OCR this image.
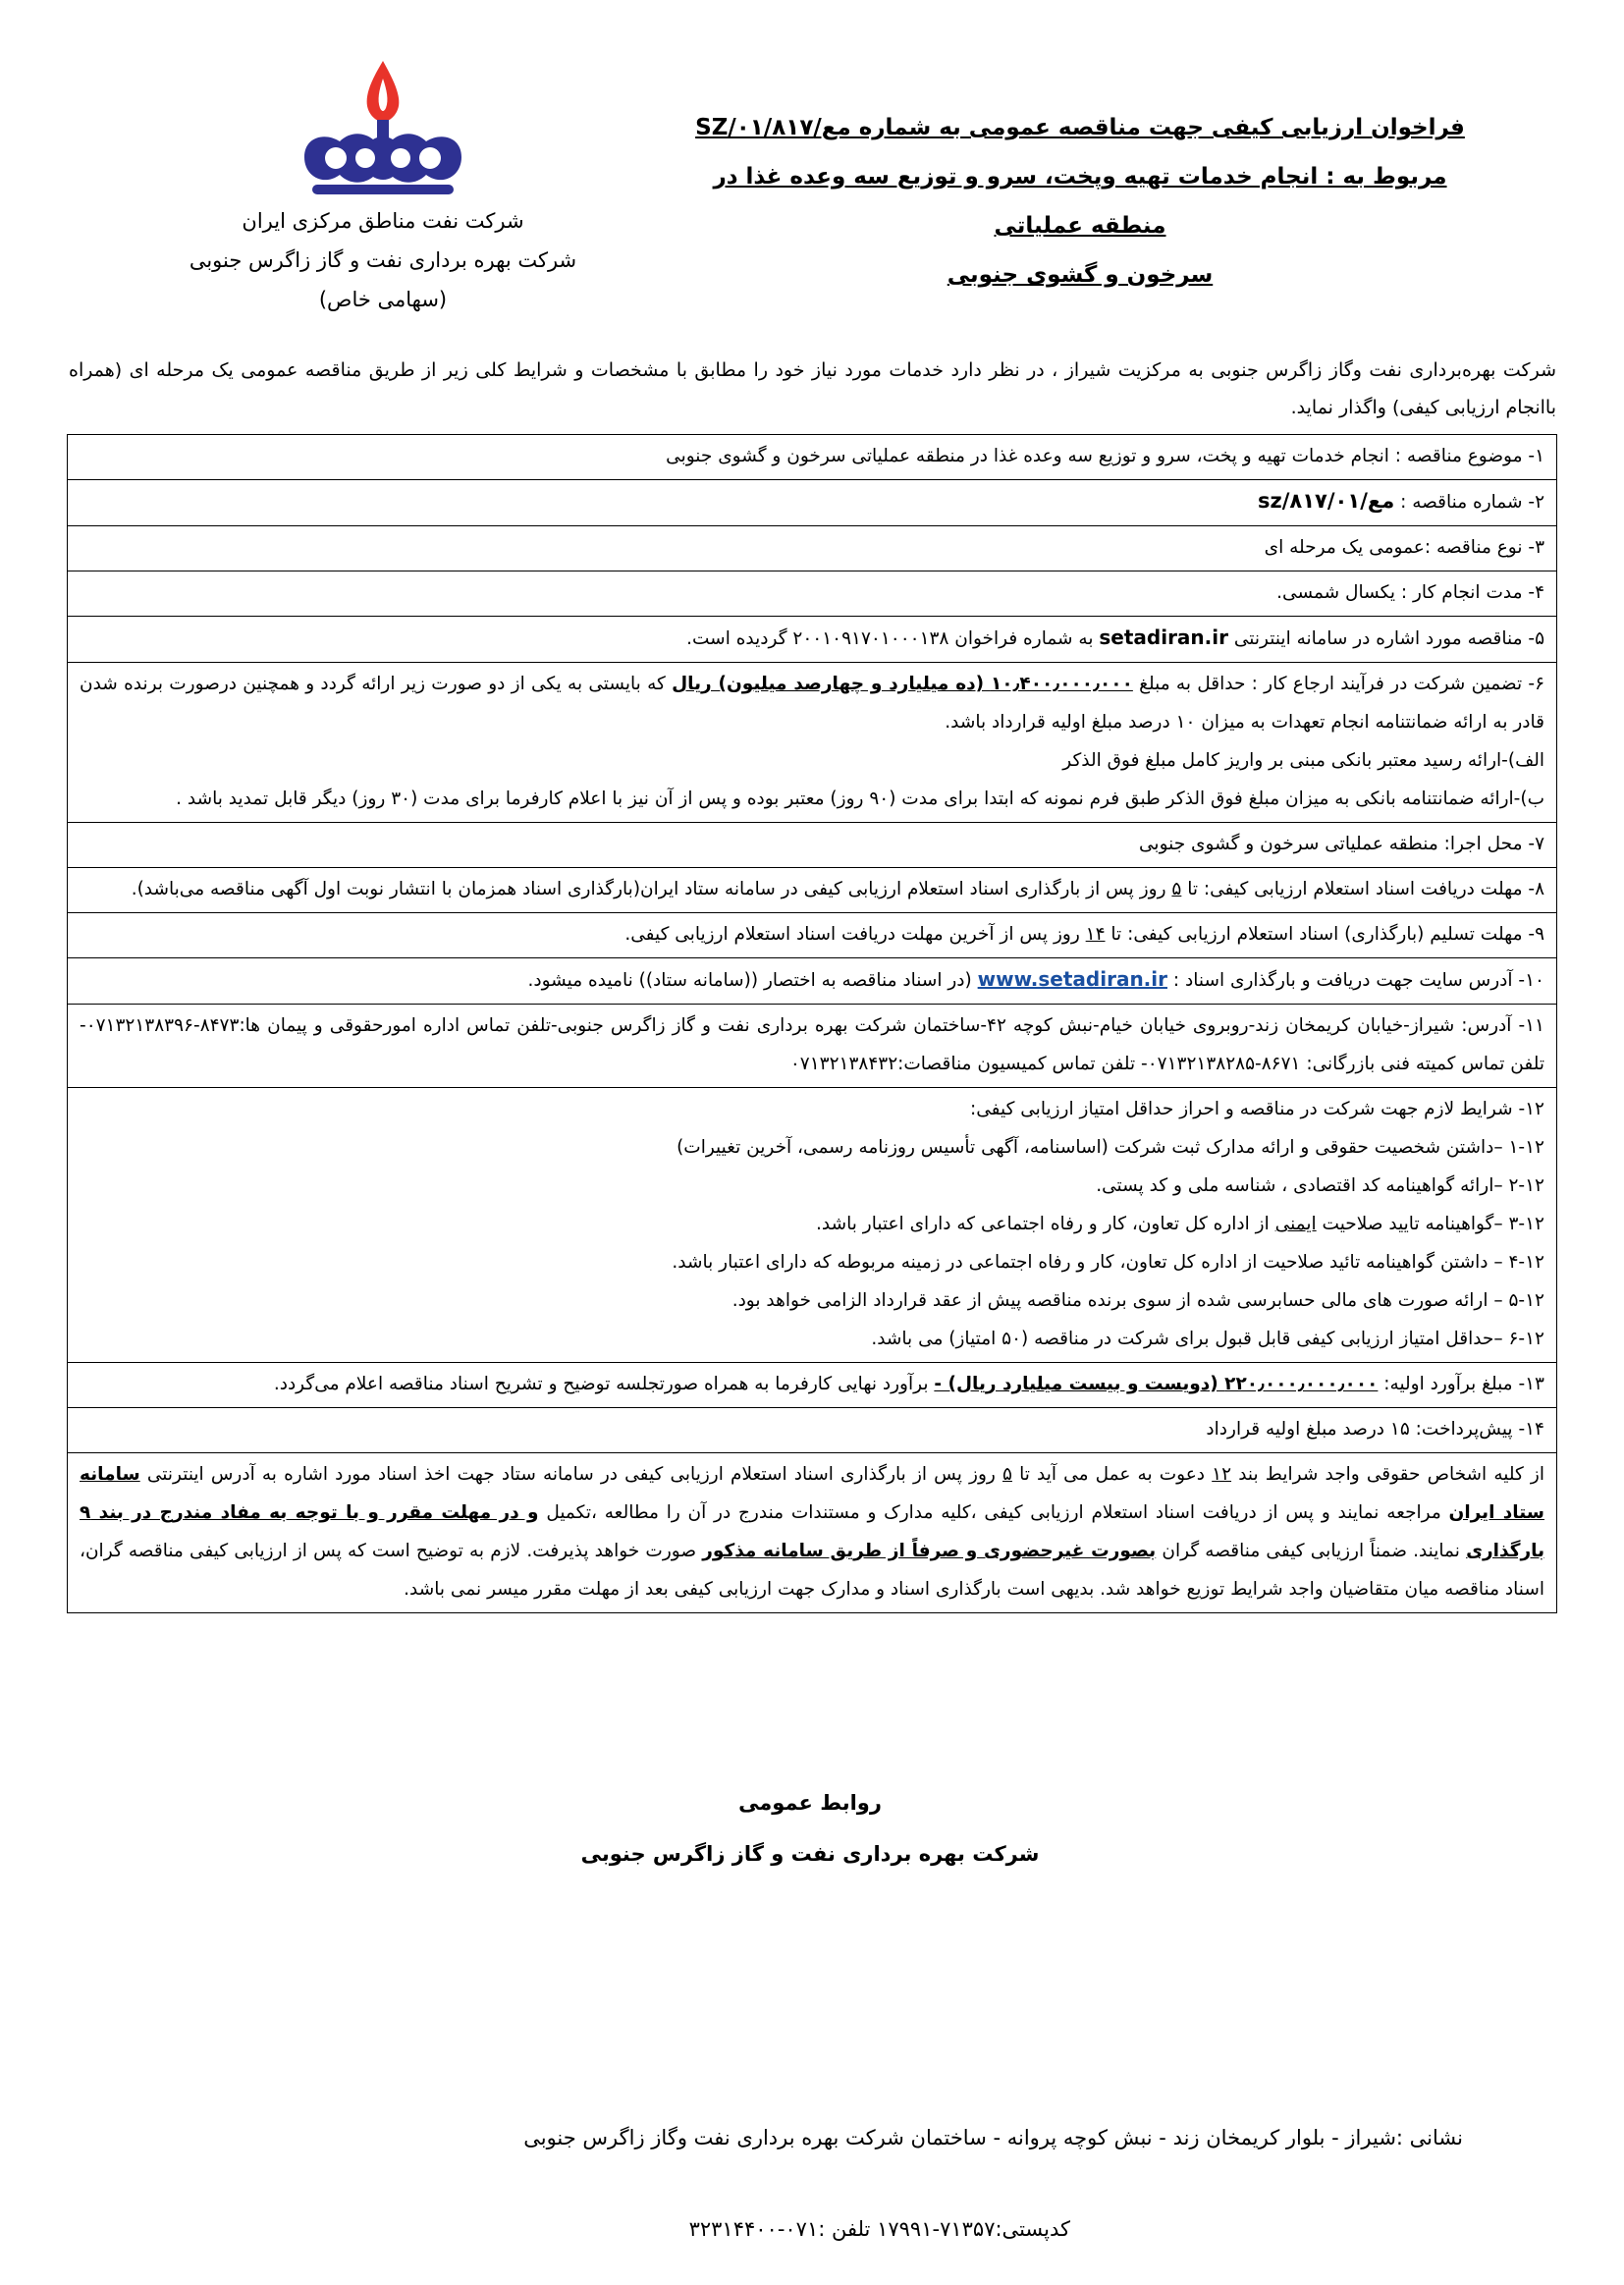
شرکت نفت مناطق مرکزی ایران
شرکت بهره برداری نفت و گاز زاگرس جنوبی
(سهامی خاص)
فراخوان ارزیابی کیفی جهت مناقصه عمومی به شماره مع/SZ/۰۱/۸۱۷
مربوط به : انجام خدمات تهیه وپخت، سرو و توزیع سه وعده غذا در منطقه عملیاتی
سرخون و گشوی جنوبی
شرکت بهره‌برداری نفت وگاز زاگرس جنوبی به مرکزیت شیراز ، در نظر دارد خدمات مورد نیاز خود را مطابق با مشخصات و شرایط کلی زیر از طریق مناقصه عمومی یک مرحله ای (همراه باانجام ارزیابی کیفی) واگذار نماید.
۱- موضوع مناقصه : انجام خدمات تهیه و پخت، سرو و توزیع سه وعده غذا در منطقه عملیاتی سرخون و گشوی جنوبی
۲- شماره مناقصه : مع/۸۱۷/۰۱/sz
۳- نوع مناقصه :عمومی یک مرحله ای
۴- مدت انجام کار : یکسال شمسی.
۵- مناقصه مورد اشاره در سامانه اینترنتی setadiran.ir به شماره فراخوان ۲۰۰۱۰۹۱۷۰۱۰۰۰۱۳۸ گردیده است.
۶- تضمین شرکت در فرآیند ارجاع کار : حداقل به مبلغ ۱۰٫۴۰۰٫۰۰۰٫۰۰۰ (ده میلیارد و چهارصد میلیون) ریال که بایستی به یکی از دو صورت زیر ارائه گردد و همچنین درصورت برنده شدن قادر به ارائه ضمانتنامه انجام تعهدات به میزان ۱۰ درصد مبلغ اولیه قرارداد باشد.
الف)-ارائه رسید معتبر بانکی مبنی بر واریز کامل مبلغ فوق الذکر
ب)-ارائه ضمانتنامه بانکی به میزان مبلغ فوق الذکر طبق فرم نمونه که ابتدا برای مدت (۹۰ روز) معتبر بوده و پس از آن نیز با اعلام کارفرما برای مدت (۳۰ روز) دیگر قابل تمدید باشد .
۷- محل اجرا: منطقه عملیاتی سرخون و گشوی جنوبی
۸- مهلت دریافت اسناد استعلام ارزیابی کیفی: تا ۵ روز پس از بارگذاری اسناد استعلام ارزیابی کیفی در سامانه ستاد ایران(بارگذاری اسناد همزمان با انتشار نوبت اول آگهی مناقصه می‌باشد).
۹- مهلت تسلیم (بارگذاری) اسناد استعلام ارزیابی کیفی: تا ۱۴ روز پس از آخرین مهلت دریافت اسناد استعلام ارزیابی کیفی.
۱۰- آدرس سایت جهت دریافت و بارگذاری اسناد : www.setadiran.ir (در اسناد مناقصه به اختصار ((سامانه ستاد)) نامیده میشود.
۱۱- آدرس: شیراز-خیابان کریمخان زند-روبروی خیابان خیام-نبش کوچه ۴۲-ساختمان شرکت بهره برداری نفت و گاز زاگرس جنوبی-تلفن تماس اداره امورحقوقی و پیمان ها:۸۴۷۳-۰۷۱۳۲۱۳۸۳۹۶- تلفن تماس کمیته فنی بازرگانی: ۸۶۷۱-۰۷۱۳۲۱۳۸۲۸۵- تلفن تماس کمیسیون مناقصات:۰۷۱۳۲۱۳۸۴۳۲
۱۲- شرایط لازم جهت شرکت در مناقصه و احراز حداقل امتیاز ارزیابی کیفی:
۱-۱۲ –داشتن شخصیت حقوقی و ارائه مدارک ثبت شرکت (اساسنامه، آگهی تأسیس روزنامه رسمی، آخرین تغییرات)
۲-۱۲ –ارائه گواهینامه کد اقتصادی ، شناسه ملی و کد پستی.
۳-۱۲ –گواهینامه تایید صلاحیت ایمنی از اداره کل تعاون، کار و رفاه اجتماعی که دارای اعتبار باشد.
۴-۱۲ – داشتن گواهینامه تائید صلاحیت از اداره کل تعاون، کار و رفاه اجتماعی در زمینه مربوطه که دارای اعتبار باشد.
۵-۱۲ – ارائه صورت های مالی حسابرسی شده از سوی برنده مناقصه پیش از عقد قرارداد الزامی خواهد بود.
۶-۱۲ –حداقل امتیاز ارزیابی کیفی قابل قبول برای شرکت در مناقصه (۵۰ امتیاز) می باشد.
۱۳- مبلغ برآورد اولیه: ۲۲۰٫۰۰۰٫۰۰۰٫۰۰۰ (دویست و بیست میلیارد ریال) - برآورد نهایی کارفرما به همراه صورتجلسه توضیح و تشریح اسناد مناقصه اعلام می‌گردد.
۱۴- پیش‌پرداخت: ۱۵ درصد مبلغ اولیه قرارداد
از کلیه اشخاص حقوقی واجد شرایط بند ۱۲ دعوت به عمل می آید تا ۵ روز پس از بارگذاری اسناد استعلام ارزیابی کیفی در سامانه ستاد جهت اخذ اسناد مورد اشاره به آدرس اینترنتی سامانه ستاد ایران مراجعه نمایند و پس از دریافت اسناد استعلام ارزیابی کیفی ،کلیه مدارک و مستندات مندرج در آن را مطالعه ،تکمیل و در مهلت مقرر و با توجه به مفاد مندرج در بند ۹ بارگذاری نمایند. ضمناً ارزیابی کیفی مناقصه گران بصورت غیرحضوری و صرفاً از طریق سامانه مذکور صورت خواهد پذیرفت. لازم به توضیح است که پس از ارزیابی کیفی مناقصه گران، اسناد مناقصه میان متقاضیان واجد شرایط توزیع خواهد شد. بدیهی است بارگذاری اسناد و مدارک جهت ارزیابی کیفی بعد از مهلت مقرر میسر نمی باشد.
روابط عمومی
شرکت بهره برداری نفت و گاز زاگرس جنوبی
نشانی :شیراز - بلوار کریمخان زند - نبش کوچه پروانه - ساختمان شرکت بهره برداری نفت وگاز زاگرس جنوبی
کدپستی:۷۱۳۵۷-۱۷۹۹۱ تلفن :۰۷۱-۳۲۳۱۴۴۰۰
